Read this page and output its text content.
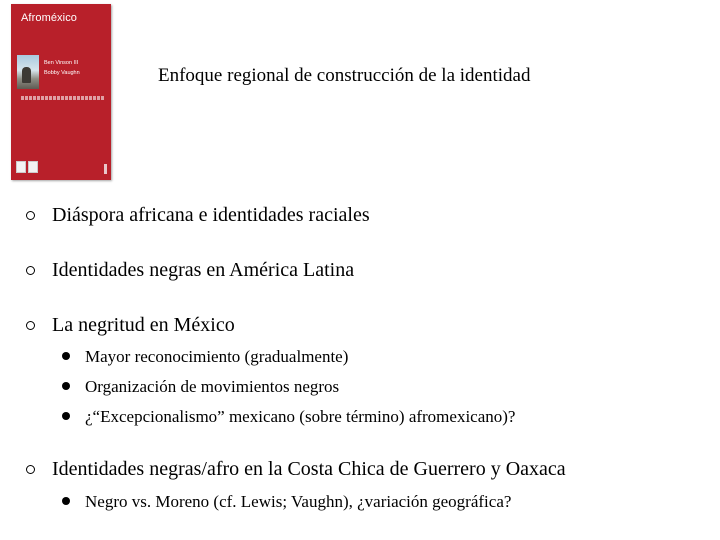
Afroméxico
Ben Vinson III
Bobby Vaughn	Enfoque regional de construcción de la identidad
Diáspora africana e identidades raciales
Identidades negras en América Latina
La negritud en México
Mayor reconocimiento (gradualmente)
Organización de movimientos negros
¿“Excepcionalismo” mexicano (sobre término) afromexicano)?
Identidades negras/afro en la Costa Chica de Guerrero y Oaxaca
Negro vs. Moreno (cf. Lewis; Vaughn), ¿variación geográfica?
